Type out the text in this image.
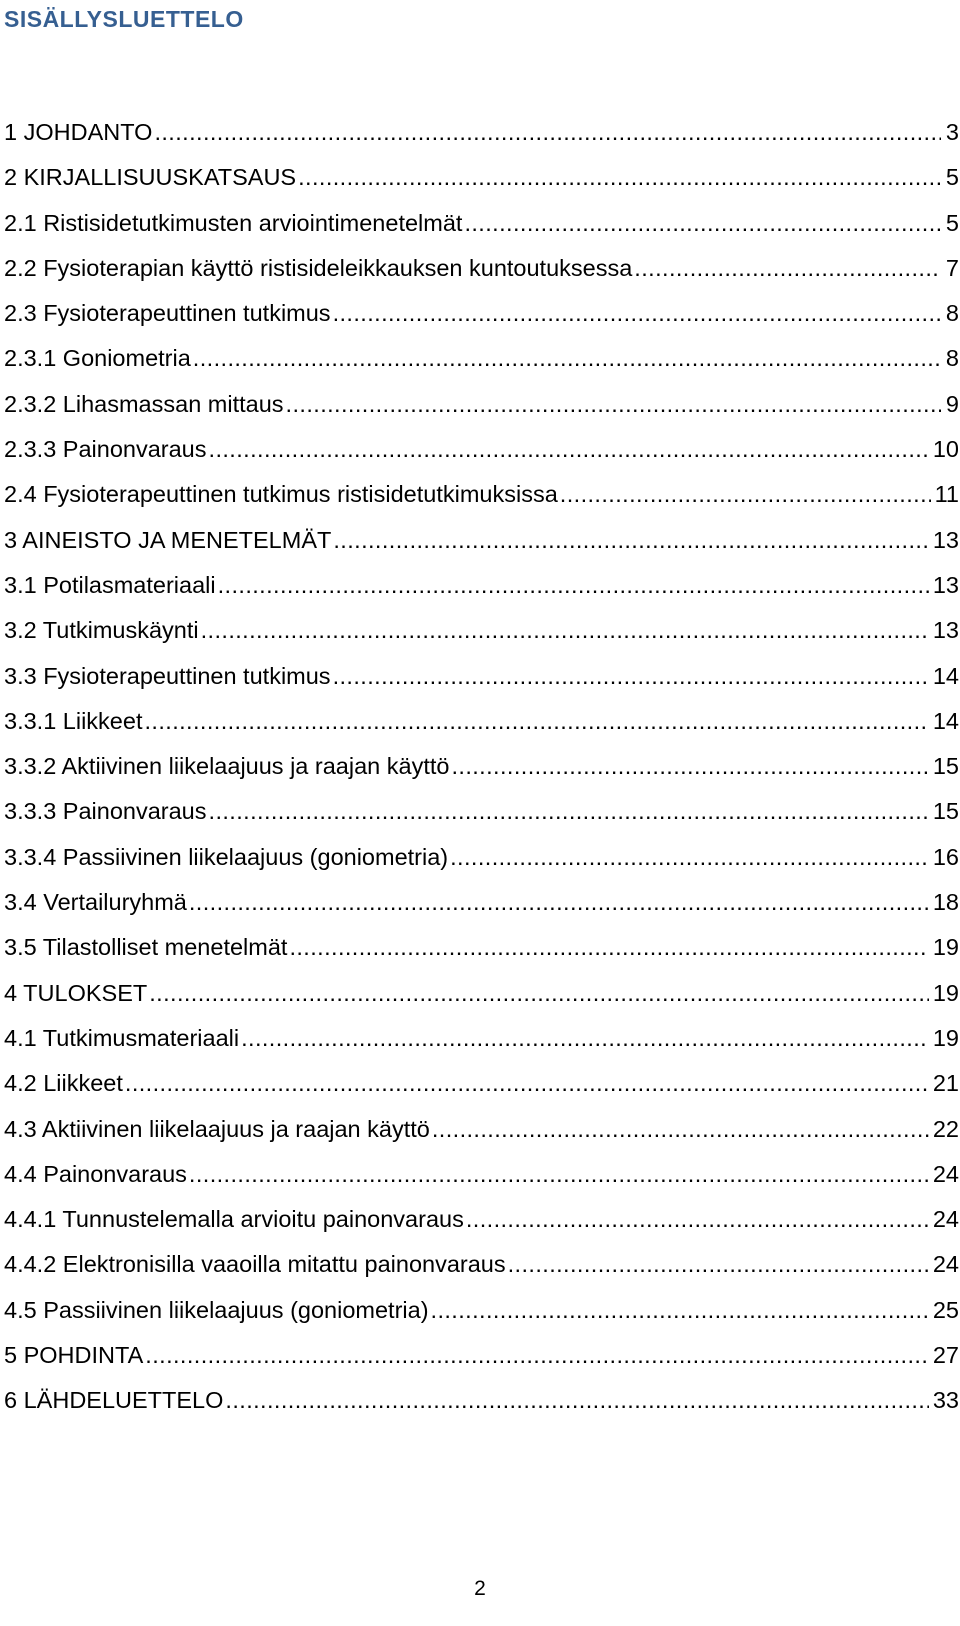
SISÄLLYSLUETTELO
1 JOHDANTO .....	3
2 KIRJALLISUUSKATSAUS .....	5
2.1 Ristisidetutkimusten arviointimenetelmät .....	5
2.2 Fysioterapian käyttö ristisideleikkauksen kuntoutuksessa .....	7
2.3 Fysioterapeuttinen tutkimus .....	8
2.3.1 Goniometria .....	8
2.3.2 Lihasmassan mittaus .....	9
2.3.3 Painonvaraus .....	10
2.4 Fysioterapeuttinen tutkimus ristisidetutkimuksissa .....	11
3 AINEISTO JA MENETELMÄT .....	13
3.1 Potilasmateriaali .....	13
3.2 Tutkimuskäynti .....	13
3.3 Fysioterapeuttinen tutkimus .....	14
3.3.1 Liikkeet .....	14
3.3.2 Aktiivinen liikelaajuus ja raajan käyttö .....	15
3.3.3 Painonvaraus .....	15
3.3.4 Passiivinen liikelaajuus (goniometria) .....	16
3.4 Vertailuryhmä .....	18
3.5 Tilastolliset menetelmät .....	19
4 TULOKSET .....	19
4.1 Tutkimusmateriaali .....	19
4.2 Liikkeet .....	21
4.3 Aktiivinen liikelaajuus ja raajan käyttö .....	22
4.4 Painonvaraus .....	24
4.4.1 Tunnustelemalla arvioitu painonvaraus .....	24
4.4.2 Elektronisilla vaaoilla mitattu painonvaraus .....	24
4.5 Passiivinen liikelaajuus (goniometria) .....	25
5 POHDINTA .....	27
6 LÄHDELUETTELO .....	33
2
